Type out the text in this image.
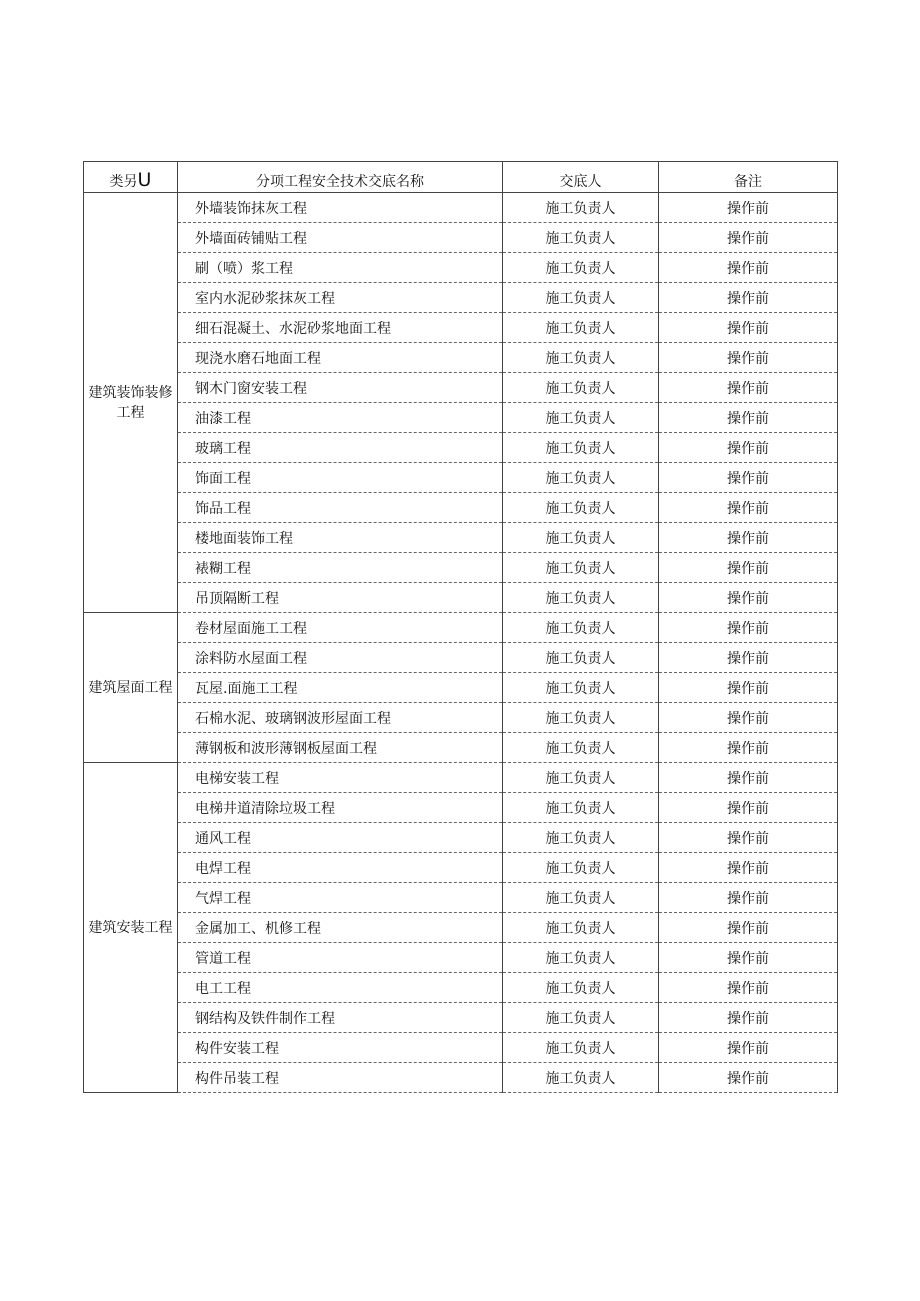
类另U	分项工程安全技术交底名称	交底人	备注
建筑装饰装修工程	外墙装饰抹灰工程	施工负责人	操作前
	外墙面砖铺贴工程	施工负责人	操作前
	刷（喷）浆工程	施工负责人	操作前
	室内水泥砂浆抹灰工程	施工负责人	操作前
	细石混凝土、水泥砂浆地面工程	施工负责人	操作前
	现浇水磨石地面工程	施工负责人	操作前
	钢木门窗安装工程	施工负责人	操作前
	油漆工程	施工负责人	操作前
	玻璃工程	施工负责人	操作前
	饰面工程	施工负责人	操作前
	饰品工程	施工负责人	操作前
	楼地面装饰工程	施工负责人	操作前
	裱糊工程	施工负责人	操作前
	吊顶隔断工程	施工负责人	操作前
建筑屋面工程	卷材屋面施工工程	施工负责人	操作前
	涂料防水屋面工程	施工负责人	操作前
	瓦屋.面施工工程	施工负责人	操作前
	石棉水泥、玻璃钢波形屋面工程	施工负责人	操作前
	薄钢板和波形薄钢板屋面工程	施工负责人	操作前
建筑安装工程	电梯安装工程	施工负责人	操作前
	电梯井道清除垃圾工程	施工负责人	操作前
	通风工程	施工负责人	操作前
	电焊工程	施工负责人	操作前
	气焊工程	施工负责人	操作前
	金属加工、机修工程	施工负责人	操作前
	管道工程	施工负责人	操作前
	电工工程	施工负责人	操作前
	钢结构及铁件制作工程	施工负责人	操作前
	构件安装工程	施工负责人	操作前
	构件吊装工程	施工负责人	操作前
